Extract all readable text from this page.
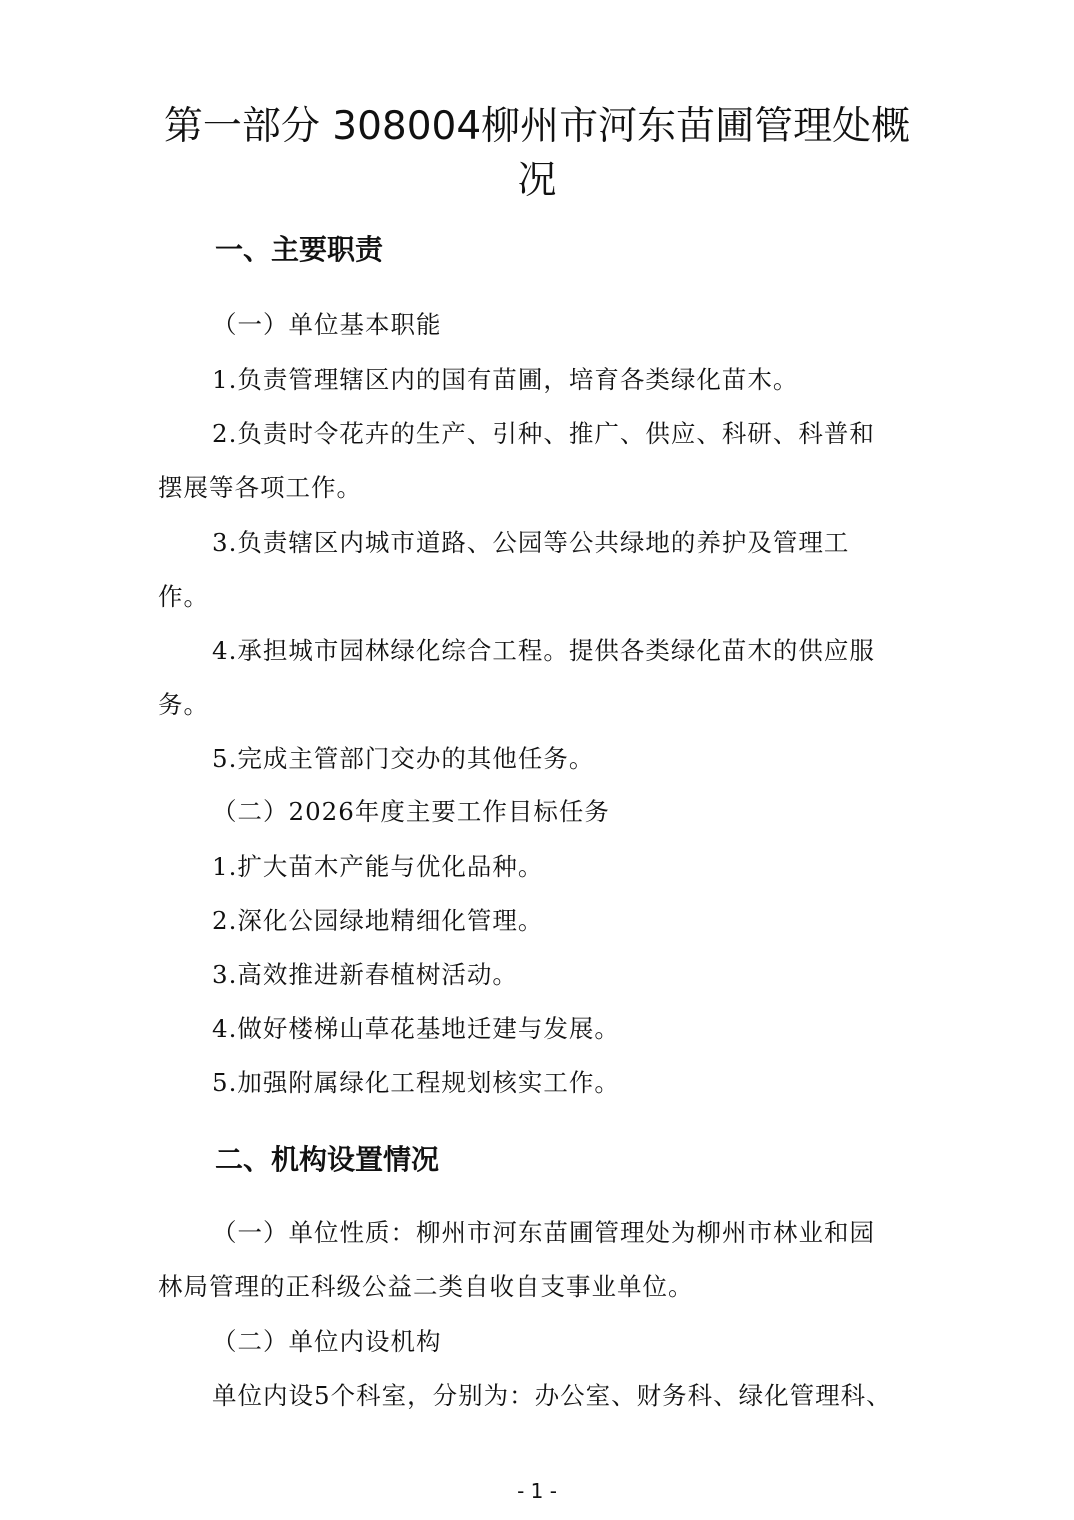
第一部分 308004柳州市河东苗圃管理处概况
一、主要职责

（一）单位基本职能

1.负责管理辖区内的国有苗圃，培育各类绿化苗木。

2.负责时令花卉的生产、引种、推广、供应、科研、科普和

摆展等各项工作。

3.负责辖区内城市道路、公园等公共绿地的养护及管理工

作。

4.承担城市园林绿化综合工程。提供各类绿化苗木的供应服

务。

5.完成主管部门交办的其他任务。

（二）2026年度主要工作目标任务

1.扩大苗木产能与优化品种。

2.深化公园绿地精细化管理。

3.高效推进新春植树活动。

4.做好楼梯山草花基地迁建与发展。

5.加强附属绿化工程规划核实工作。

二、机构设置情况

（一）单位性质：柳州市河东苗圃管理处为柳州市林业和园

林局管理的正科级公益二类自收自支事业单位。

（二）单位内设机构

单位内设5个科室，分别为：办公室、财务科、绿化管理科、

- 1 -
